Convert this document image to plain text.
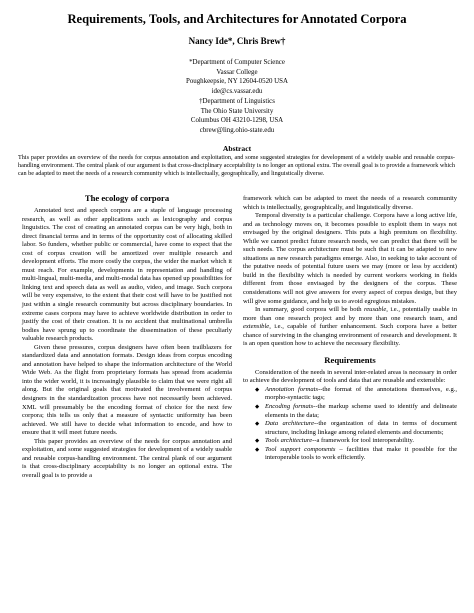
Requirements, Tools, and Architectures for Annotated Corpora
Nancy Ide*, Chris Brew†
*Department of Computer Science
Vassar College
Poughkeepsie, NY 12604-0520 USA
ide@cs.vassar.edu
†Department of Linguistics
The Ohio State University
Columbus OH 43210-1298, USA
cbrew@ling.ohio-state.edu
Abstract
This paper provides an overview of the needs for corpus annotation and exploitation, and some suggested strategies for development of a widely usable and reusable corpus-handling environment. The central plank of our argument is that cross-disciplinary acceptability is no longer an optional extra. The overall goal is to provide a framework which can be adapted to meet the needs of a research community which is intellectually, geographically, and linguistically diverse.
The ecology of corpora

Annotated text and speech corpora are a staple of language processing research, as well as other applications such as lexicography and corpus linguistics. The cost of creating an annotated corpus can be very high, both in direct financial terms and in terms of the opportunity cost of allocating skilled labor. So funders, whether public or commercial, have come to expect that the cost of corpus creation will be amortized over multiple research and development efforts. The more costly the corpus, the wider the market which it must reach. For example, developments in representation and handling of multi-lingual, multi-media, and multi-modal data has opened up possibilities for linking text and speech data as well as audio, video, and image. Such corpora will be very expensive, to the extent that their cost will have to be justified not just within a single research community but across disciplinary boundaries. In extreme cases corpora may have to achieve worldwide distribution in order to justify the cost of their creation. It is no accident that multinational umbrella bodies have sprung up to coordinate the dissemination of these peculiarly valuable research products.

Given these pressures, corpus designers have often been trailblazers for standardized data and annotation formats. Design ideas from corpus encoding and annotation have helped to shape the information architecture of the World Wide Web. As the flight from proprietary formats has spread from academia into the wider world, it is increasingly plausible to claim that we were right all along. But the original goals that motivated the involvement of corpus designers in the standardization process have not necessarily been achieved. XML will presumably be the encoding format of choice for the next few corpora; this tells us only that a measure of syntactic uniformity has been achieved. We still have to decide what information to encode, and how to ensure that it will meet future needs.

This paper provides an overview of the needs for corpus annotation and exploitation, and some suggested strategies for development of a widely usable and reusable corpus-handling environment. The central plank of our argument is that cross-disciplinary acceptability is no longer an optional extra. The overall goal is to provide a

framework which can be adapted to meet the needs of a research community which is intellectually, geographically, and linguistically diverse.

Temporal diversity is a particular challenge. Corpora have a long active life, and as technology moves on, it becomes possible to exploit them in ways not envisaged by the original designers. This puts a high premium on flexibility. While we cannot predict future research needs, we can predict that there will be such needs. The corpus architecture must be such that it can be adapted to new situations as new research paradigms emerge. Also, in seeking to take account of the putative needs of potential future users we may (more or less by accident) build in the flexibility which is needed by current workers working in fields different from those envisaged by the designers of the corpus. These considerations will not give answers for every aspect of corpus design, but they will give some guidance, and help us to avoid egregious mistakes.

In summary, good corpora will be both reusable, i.e., potentially usable in more than one research project and by more than one research team, and extensible, i.e., capable of further enhancement. Such corpora have a better chance of surviving in the changing environment of research and development. It is an open question how to achieve the necessary flexibility.

Requirements

Consideration of the needs in several inter-related areas is necessary in order to achieve the development of tools and data that are reusable and extensible:

◆ Annotation formats--the format of the annotations themselves, e.g., morpho-syntactic tags;
◆ Encoding formats--the markup scheme used to identify and delineate elements in the data;
◆ Data architecture--the organization of data in terms of document structure, including linkage among related elements and documents;
◆ Tools architecture--a framework for tool interoperability.
◆ Tool support components – facilities that make it possible for the interoperable tools to work efficiently.
